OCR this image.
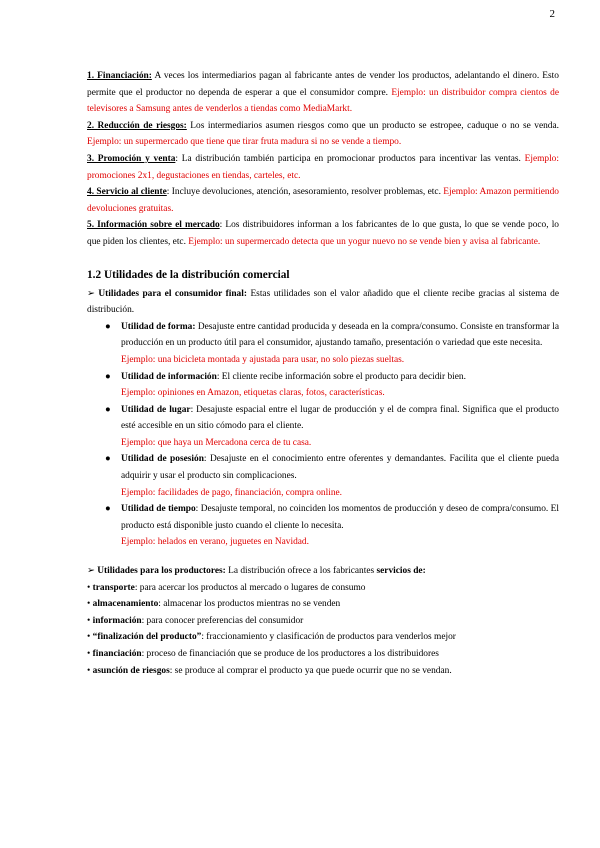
2

1. Financiación: A veces los intermediarios pagan al fabricante antes de vender los productos, adelantando el dinero. Esto permite que el productor no dependa de esperar a que el consumidor compre. Ejemplo: un distribuidor compra cientos de televisores a Samsung antes de venderlos a tiendas como MediaMarkt.

2. Reducción de riesgos: Los intermediarios asumen riesgos como que un producto se estropee, caduque o no se venda. Ejemplo: un supermercado que tiene que tirar fruta madura si no se vende a tiempo.

3. Promoción y venta: La distribución también participa en promocionar productos para incentivar las ventas. Ejemplo: promociones 2x1, degustaciones en tiendas, carteles, etc.

4. Servicio al cliente: Incluye devoluciones, atención, asesoramiento, resolver problemas, etc. Ejemplo: Amazon permitiendo devoluciones gratuitas.

5. Información sobre el mercado: Los distribuidores informan a los fabricantes de lo que gusta, lo que se vende poco, lo que piden los clientes, etc. Ejemplo: un supermercado detecta que un yogur nuevo no se vende bien y avisa al fabricante.

1.2 Utilidades de la distribución comercial

➢ Utilidades para el consumidor final: Estas utilidades son el valor añadido que el cliente recibe gracias al sistema de distribución.

● Utilidad de forma: Desajuste entre cantidad producida y deseada en la compra/consumo. Consiste en transformar la producción en un producto útil para el consumidor, ajustando tamaño, presentación o variedad que este necesita.

Ejemplo: una bicicleta montada y ajustada para usar, no solo piezas sueltas.

● Utilidad de información: El cliente recibe información sobre el producto para decidir bien.

Ejemplo: opiniones en Amazon, etiquetas claras, fotos, características.

● Utilidad de lugar: Desajuste espacial entre el lugar de producción y el de compra final. Significa que el producto esté accesible en un sitio cómodo para el cliente.

Ejemplo: que haya un Mercadona cerca de tu casa.

● Utilidad de posesión: Desajuste en el conocimiento entre oferentes y demandantes. Facilita que el cliente pueda adquirir y usar el producto sin complicaciones.

Ejemplo: facilidades de pago, financiación, compra online.

● Utilidad de tiempo: Desajuste temporal, no coinciden los momentos de producción y deseo de compra/consumo. El producto está disponible justo cuando el cliente lo necesita.

Ejemplo: helados en verano, juguetes en Navidad.

➢ Utilidades para los productores: La distribución ofrece a los fabricantes servicios de:

• transporte: para acercar los productos al mercado o lugares de consumo

• almacenamiento: almacenar los productos mientras no se venden

• información: para conocer preferencias del consumidor

• “finalización del producto”: fraccionamiento y clasificación de productos para venderlos mejor

• financiación: proceso de financiación que se produce de los productores a los distribuidores

• asunción de riesgos: se produce al comprar el producto ya que puede ocurrir que no se vendan.
